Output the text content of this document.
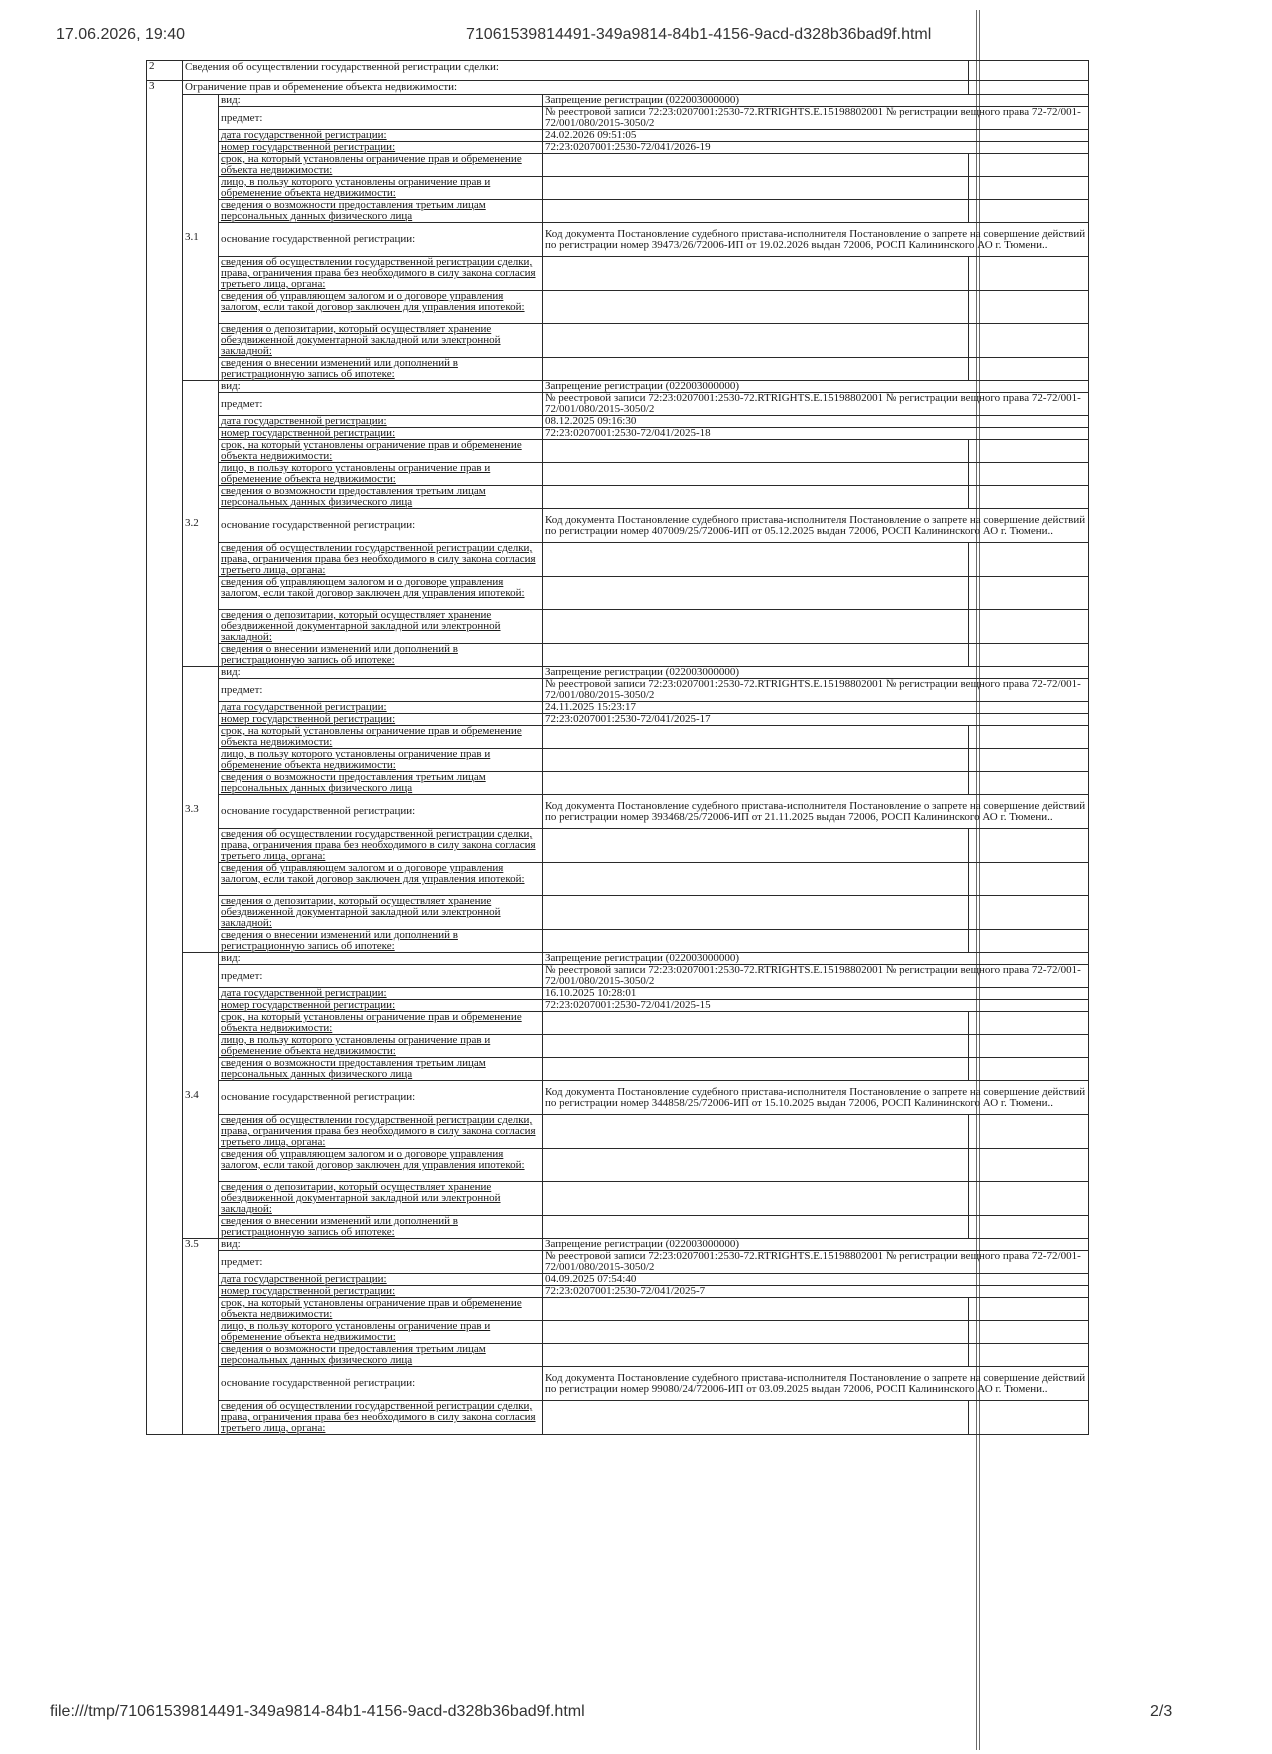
17.06.2026, 19:40	71061539814491-349a9814-84b1-4156-9acd-d328b36bad9f.html
2	Сведения об осуществлении государственной регистрации сделки:			
3	Ограничение прав и обременение объекта недвижимости:			
	3.1	вид:	Запрещение регистрации (022003000000)	
		предмет:	№ реестровой записи 72:23:0207001:2530-72.RTRIGHTS.E.15198802001 № регистрации вещного права 72-72/001-72/001/080/2015-3050/2	
		дата государственной регистрации:	24.02.2026 09:51:05	
		номер государственной регистрации:	72:23:0207001:2530-72/041/2026-19	
		срок, на который установлены ограничение прав и обременение объекта недвижимости:		
		лицо, в пользу которого установлены ограничение прав и обременение объекта недвижимости:		
		сведения о возможности предоставления третьим лицам персональных данных физического лица		
		основание государственной регистрации:	Код документа Постановление судебного пристава-исполнителя Постановление о запрете на совершение действий по регистрации номер 39473/26/72006-ИП от 19.02.2026 выдан 72006, РОСП Калининского АО г. Тюмени..	
		сведения об осуществлении государственной регистрации сделки, права, ограничения права без необходимого в силу закона согласия третьего лица, органа:		
		сведения об управляющем залогом и о договоре управления залогом, если такой договор заключен для управления ипотекой:		
		сведения о депозитарии, который осуществляет хранение обездвиженной документарной закладной или электронной закладной:		
		сведения о внесении изменений или дополнений в регистрационную запись об ипотеке:		
	3.2	вид:	Запрещение регистрации (022003000000)	
		предмет:	№ реестровой записи 72:23:0207001:2530-72.RTRIGHTS.E.15198802001 № регистрации вещного права 72-72/001-72/001/080/2015-3050/2	
		дата государственной регистрации:	08.12.2025 09:16:30	
		номер государственной регистрации:	72:23:0207001:2530-72/041/2025-18	
		срок, на который установлены ограничение прав и обременение объекта недвижимости:		
		лицо, в пользу которого установлены ограничение прав и обременение объекта недвижимости:		
		сведения о возможности предоставления третьим лицам персональных данных физического лица		
		основание государственной регистрации:	Код документа Постановление судебного пристава-исполнителя Постановление о запрете на совершение действий по регистрации номер 407009/25/72006-ИП от 05.12.2025 выдан 72006, РОСП Калининского АО г. Тюмени..	
		сведения об осуществлении государственной регистрации сделки, права, ограничения права без необходимого в силу закона согласия третьего лица, органа:		
		сведения об управляющем залогом и о договоре управления залогом, если такой договор заключен для управления ипотекой:		
		сведения о депозитарии, который осуществляет хранение обездвиженной документарной закладной или электронной закладной:		
		сведения о внесении изменений или дополнений в регистрационную запись об ипотеке:		
	3.3	вид:	Запрещение регистрации (022003000000)	
		предмет:	№ реестровой записи 72:23:0207001:2530-72.RTRIGHTS.E.15198802001 № регистрации вещного права 72-72/001-72/001/080/2015-3050/2	
		дата государственной регистрации:	24.11.2025 15:23:17	
		номер государственной регистрации:	72:23:0207001:2530-72/041/2025-17	
		срок, на который установлены ограничение прав и обременение объекта недвижимости:		
		лицо, в пользу которого установлены ограничение прав и обременение объекта недвижимости:		
		сведения о возможности предоставления третьим лицам персональных данных физического лица		
		основание государственной регистрации:	Код документа Постановление судебного пристава-исполнителя Постановление о запрете на совершение действий по регистрации номер 393468/25/72006-ИП от 21.11.2025 выдан 72006, РОСП Калининского АО г. Тюмени..	
		сведения об осуществлении государственной регистрации сделки, права, ограничения права без необходимого в силу закона согласия третьего лица, органа:		
		сведения об управляющем залогом и о договоре управления залогом, если такой договор заключен для управления ипотекой:		
		сведения о депозитарии, который осуществляет хранение обездвиженной документарной закладной или электронной закладной:		
		сведения о внесении изменений или дополнений в регистрационную запись об ипотеке:		
	3.4	вид:	Запрещение регистрации (022003000000)	
		предмет:	№ реестровой записи 72:23:0207001:2530-72.RTRIGHTS.E.15198802001 № регистрации вещного права 72-72/001-72/001/080/2015-3050/2	
		дата государственной регистрации:	16.10.2025 10:28:01	
		номер государственной регистрации:	72:23:0207001:2530-72/041/2025-15	
		срок, на который установлены ограничение прав и обременение объекта недвижимости:		
		лицо, в пользу которого установлены ограничение прав и обременение объекта недвижимости:		
		сведения о возможности предоставления третьим лицам персональных данных физического лица		
		основание государственной регистрации:	Код документа Постановление судебного пристава-исполнителя Постановление о запрете на совершение действий по регистрации номер 344858/25/72006-ИП от 15.10.2025 выдан 72006, РОСП Калининского АО г. Тюмени..	
		сведения об осуществлении государственной регистрации сделки, права, ограничения права без необходимого в силу закона согласия третьего лица, органа:		
		сведения об управляющем залогом и о договоре управления залогом, если такой договор заключен для управления ипотекой:		
		сведения о депозитарии, который осуществляет хранение обездвиженной документарной закладной или электронной закладной:		
		сведения о внесении изменений или дополнений в регистрационную запись об ипотеке:		
	3.5	вид:	Запрещение регистрации (022003000000)	
		предмет:	№ реестровой записи 72:23:0207001:2530-72.RTRIGHTS.E.15198802001 № регистрации вещного права 72-72/001-72/001/080/2015-3050/2	
		дата государственной регистрации:	04.09.2025 07:54:40	
		номер государственной регистрации:	72:23:0207001:2530-72/041/2025-7	
		срок, на который установлены ограничение прав и обременение объекта недвижимости:		
		лицо, в пользу которого установлены ограничение прав и обременение объекта недвижимости:		
		сведения о возможности предоставления третьим лицам персональных данных физического лица		
		основание государственной регистрации:	Код документа Постановление судебного пристава-исполнителя Постановление о запрете на совершение действий по регистрации номер 99080/24/72006-ИП от 03.09.2025 выдан 72006, РОСП Калининского АО г. Тюмени..	
		сведения об осуществлении государственной регистрации сделки, права, ограничения права без необходимого в силу закона согласия третьего лица, органа:		
file:///tmp/71061539814491-349a9814-84b1-4156-9acd-d328b36bad9f.html	2/3
